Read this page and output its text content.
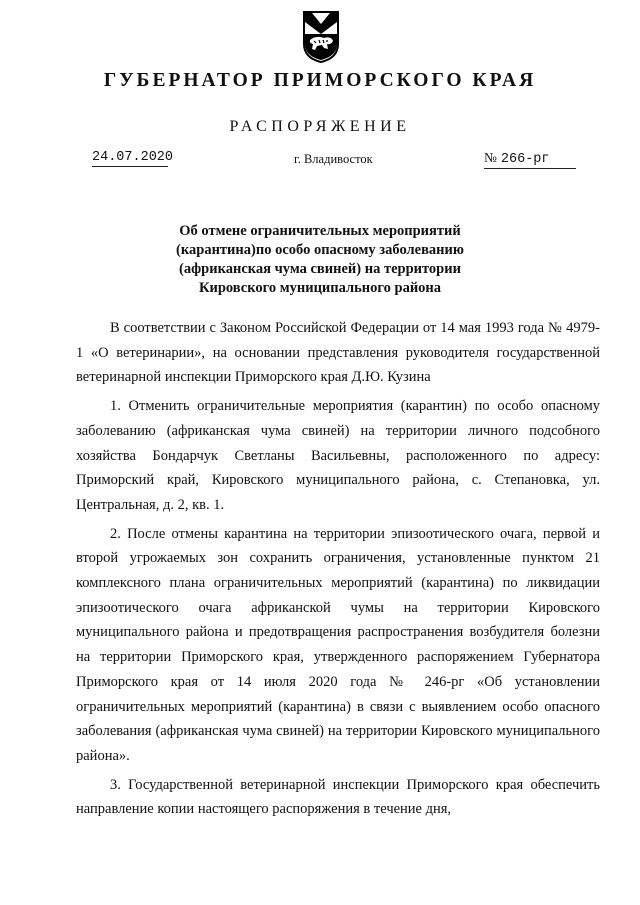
ГУБЕРНАТОР ПРИМОРСКОГО КРАЯ
РАСПОРЯЖЕНИЕ
24.07.2020	г. Владивосток	№ 266-рг
Об отмене ограничительных мероприятий (карантина)по особо опасному заболеванию (африканская чума свиней) на территории Кировского муниципального района

В соответствии с Законом Российской Федерации от 14 мая 1993 года № 4979-1 «О ветеринарии», на основании представления руководителя государственной ветеринарной инспекции Приморского края Д.Ю. Кузина

1. Отменить ограничительные мероприятия (карантин) по особо опасному заболеванию (африканская чума свиней) на территории личного подсобного хозяйства Бондарчук Светланы Васильевны, расположенного по адресу: Приморский край, Кировского муниципального района, с. Степановка, ул. Центральная, д. 2, кв. 1.

2. После отмены карантина на территории эпизоотического очага, первой и второй угрожаемых зон сохранить ограничения, установленные пунктом 21 комплексного плана ограничительных мероприятий (карантина) по ликвидации эпизоотического очага африканской чумы на территории Кировского муниципального района и предотвращения распространения возбудителя болезни на территории Приморского края, утвержденного распоряжением Губернатора Приморского края от 14 июля 2020 года № 246-рг «Об установлении ограничительных мероприятий (карантина) в связи с выявлением особо опасного заболевания (африканская чума свиней) на территории Кировского муниципального района».

3. Государственной ветеринарной инспекции Приморского края обеспечить направление копии настоящего распоряжения в течение дня,
